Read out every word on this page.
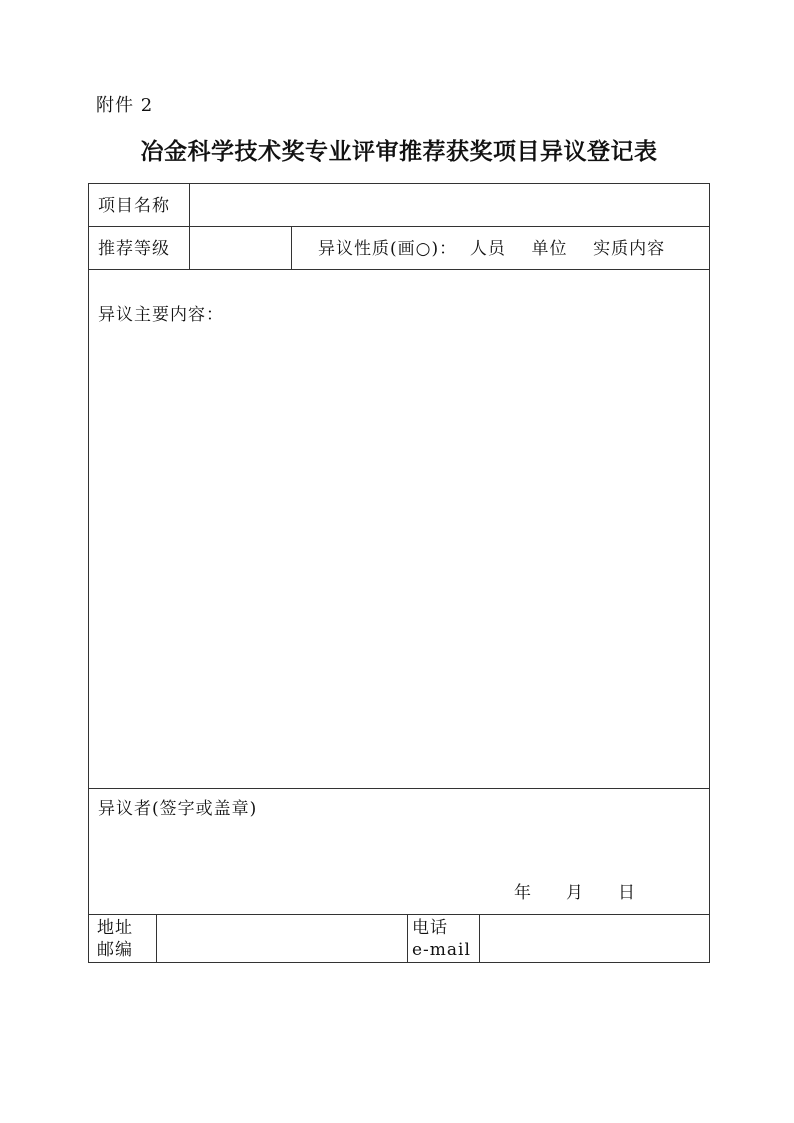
附件 2
冶金科学技术奖专业评审推荐获奖项目异议登记表
项目名称
推荐等级	异议性质(画○)：  人员    单位    实质内容
异议主要内容：
异议者(签字或盖章)
年 月 日
地址
邮编
电话
e-mail
